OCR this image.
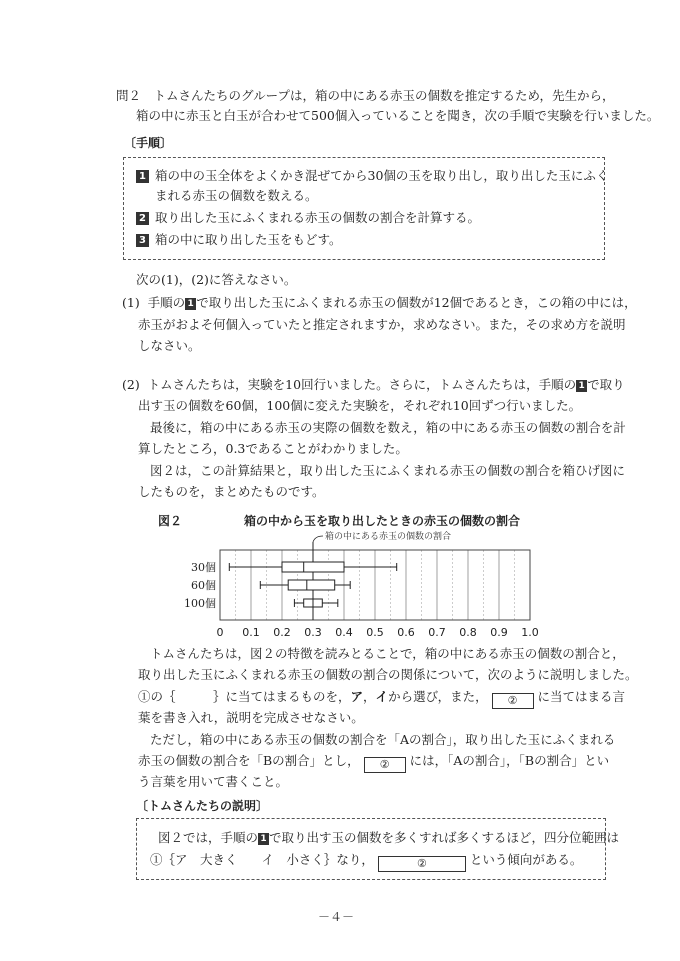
問２　トムさんたちのグループは，箱の中にある赤玉の個数を推定するため，先生から，
箱の中に赤玉と白玉が合わせて500個入っていることを聞き，次の手順で実験を行いました。
〔手順〕
1 箱の中の玉全体をよくかき混ぜてから30個の玉を取り出し，取り出した玉にふく
まれる赤玉の個数を数える。
2 取り出した玉にふくまれる赤玉の個数の割合を計算する。
3 箱の中に取り出した玉をもどす。
次の(1)，(2)に答えなさい。
(1) 手順の 1 で取り出した玉にふくまれる赤玉の個数が12個であるとき，この箱の中には，
赤玉がおよそ何個入っていたと推定されますか，求めなさい。また，その求め方を説明
しなさい。
(2) トムさんたちは，実験を10回行いました。さらに，トムさんたちは，手順の 1 で取り
出す玉の個数を60個，100個に変えた実験を，それぞれ10回ずつ行いました。
最後に，箱の中にある赤玉の実際の個数を数え，箱の中にある赤玉の個数の割合を計
算したところ，0.3であることがわかりました。
図２は，この計算結果と，取り出した玉にふくまれる赤玉の個数の割合を箱ひげ図に
したものを，まとめたものです。
図２	箱の中から玉を取り出したときの赤玉の個数の割合
30個
60個
100個
0 0.1 0.2 0.3 0.4 0.5 0.6 0.7 0.8 0.9 1.0
箱の中にある赤玉の個数の割合
トムさんたちは，図２の特徴を読みとることで，箱の中にある赤玉の個数の割合と，
取り出した玉にふくまれる赤玉の個数の割合の関係について，次のように説明しました。
①の｛　　　｝に当てはまるものを，ア，イから選び，また， ② に当てはまる言
葉を書き入れ，説明を完成させなさい。
ただし，箱の中にある赤玉の個数の割合を「Aの割合」，取り出した玉にふくまれる
赤玉の個数の割合を「Bの割合」とし， ② には，「Aの割合」，「Bの割合」とい
う言葉を用いて書くこと。
〔トムさんたちの説明〕
図２では，手順の 1 で取り出す玉の個数を多くすれば多くするほど，四分位範囲は
①｛ア　大きく イ　小さく｝なり，	②	という傾向がある。
－４－
